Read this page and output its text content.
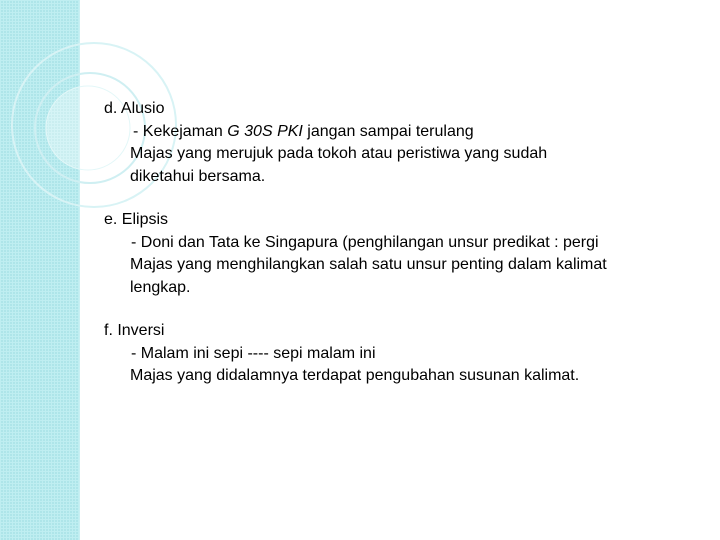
d. Alusio
- Kekejaman G 30S PKI jangan sampai terulang
Majas yang merujuk pada tokoh atau peristiwa yang sudah
diketahui bersama.
e. Elipsis
- Doni dan Tata ke Singapura (penghilangan unsur predikat : pergi
Majas yang menghilangkan salah satu unsur penting dalam kalimat
lengkap.
f. Inversi
- Malam ini sepi ---- sepi malam ini
Majas yang didalamnya terdapat pengubahan susunan kalimat.
